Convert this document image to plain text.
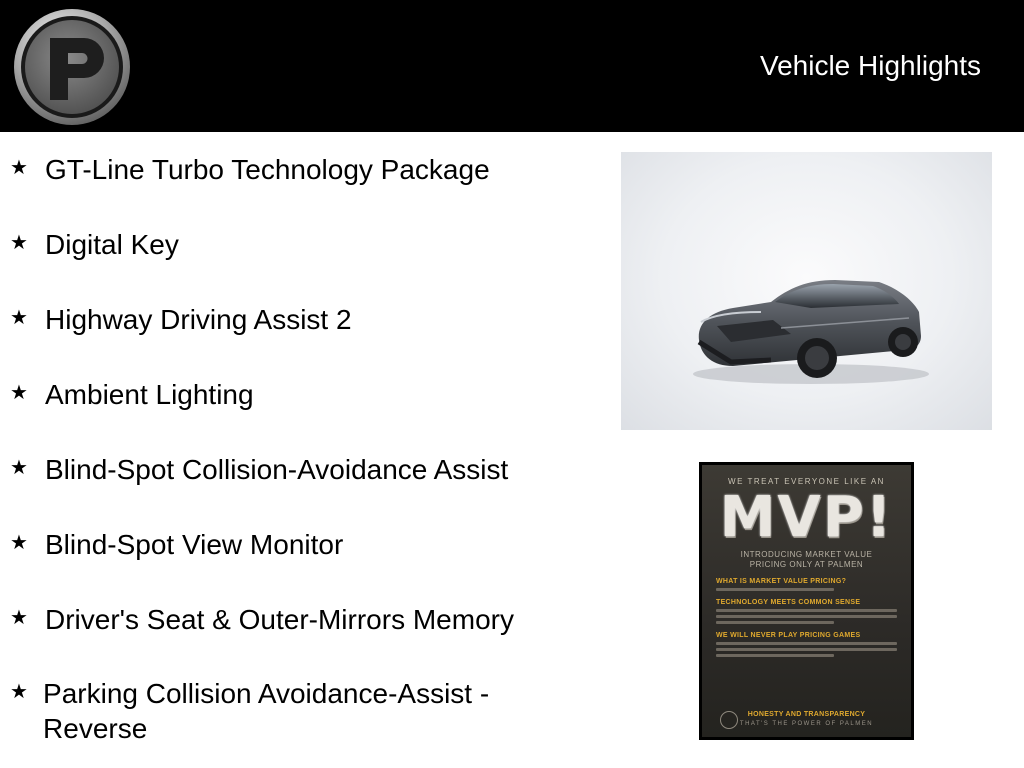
Vehicle Highlights
★ GT-Line Turbo Technology Package
★ Digital Key
★ Highway Driving Assist 2
★ Ambient Lighting
★ Blind-Spot Collision-Avoidance Assist
★ Blind-Spot View Monitor
★ Driver's Seat & Outer-Mirrors Memory
★ Parking Collision Avoidance-Assist - Reverse
WE TREAT EVERYONE LIKE AN
MVP!
INTRODUCING MARKET VALUE PRICING ONLY AT PALMEN
WHAT IS MARKET VALUE PRICING?
TECHNOLOGY MEETS COMMON SENSE
WE WILL NEVER PLAY PRICING GAMES
HONESTY AND TRANSPARENCY
THAT'S THE POWER OF PALMEN
